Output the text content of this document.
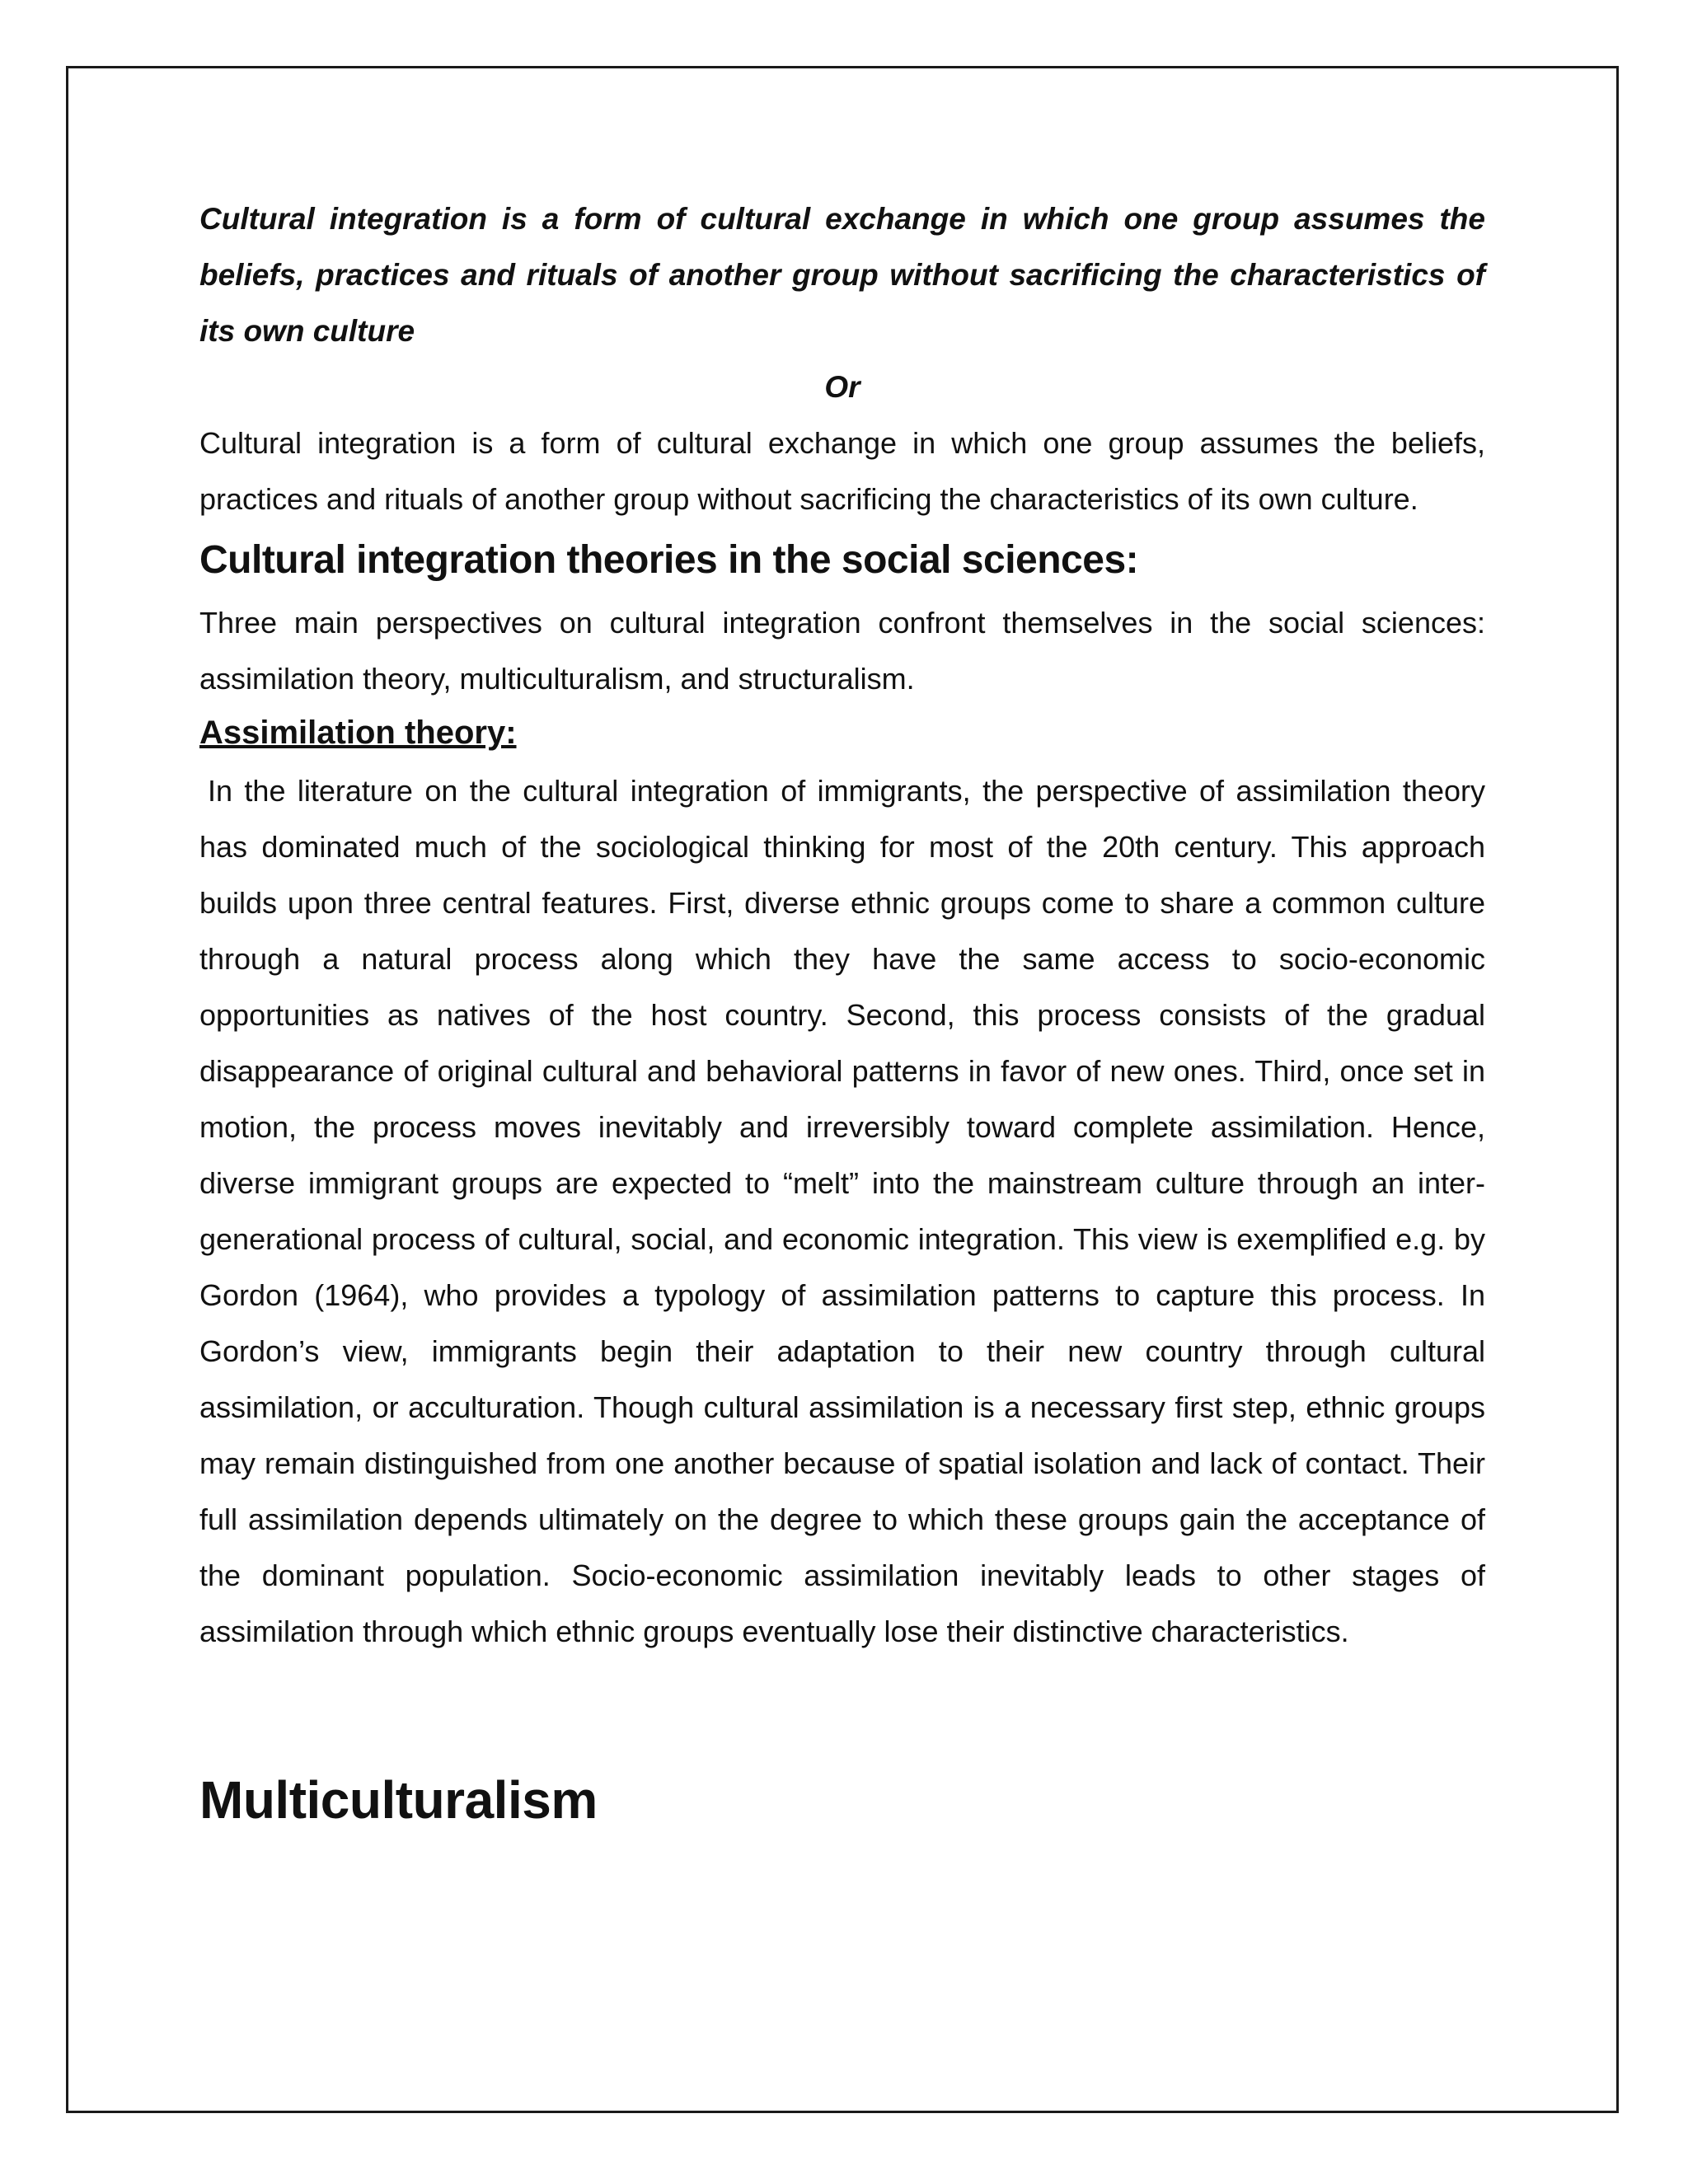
Cultural integration is a form of cultural exchange in which one group assumes the beliefs, practices and rituals of another group without sacrificing the characteristics of its own culture

Or

Cultural integration is a form of cultural exchange in which one group assumes the beliefs, practices and rituals of another group without sacrificing the characteristics of its own culture.

Cultural integration theories in the social sciences:

Three main perspectives on cultural integration confront themselves in the social sciences: assimilation theory, multiculturalism, and structuralism.

Assimilation theory:

In the literature on the cultural integration of immigrants, the perspective of assimilation theory has dominated much of the sociological thinking for most of the 20th century. This approach builds upon three central features. First, diverse ethnic groups come to share a common culture through a natural process along which they have the same access to socio-economic opportunities as natives of the host country. Second, this process consists of the gradual disappearance of original cultural and behavioral patterns in favor of new ones. Third, once set in motion, the process moves inevitably and irreversibly toward complete assimilation. Hence, diverse immigrant groups are expected to “melt” into the mainstream culture through an inter-generational process of cultural, social, and economic integration. This view is exemplified e.g. by Gordon (1964), who provides a typology of assimilation patterns to capture this process. In Gordon’s view, immigrants begin their adaptation to their new country through cultural assimilation, or acculturation. Though cultural assimilation is a necessary first step, ethnic groups may remain distinguished from one another because of spatial isolation and lack of contact. Their full assimilation depends ultimately on the degree to which these groups gain the acceptance of the dominant population. Socio-economic assimilation inevitably leads to other stages of assimilation through which ethnic groups eventually lose their distinctive characteristics.

Multiculturalism
